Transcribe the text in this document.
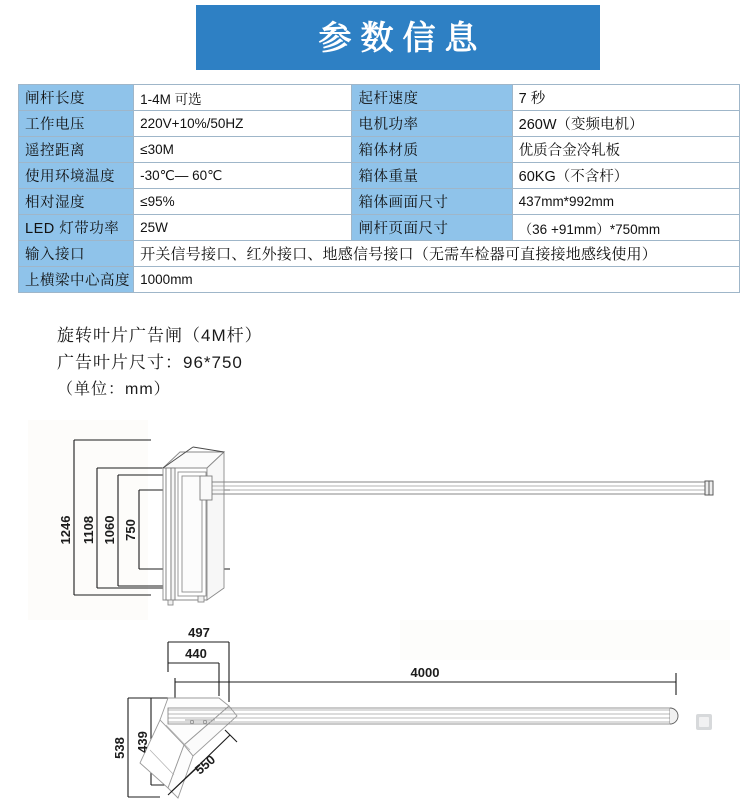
参数信息
闸杆长度	1-4M 可选	起杆速度	7 秒
工作电压	220V+10%/50HZ	电机功率	260W（变频电机）
遥控距离	≤30M	箱体材质	优质合金冷轧板
使用环境温度	-30℃— 60℃	箱体重量	60KG（不含杆）
相对湿度	≤95%	箱体画面尺寸	437mm*992mm
LED 灯带功率	25W	闸杆页面尺寸	（36 +91mm）*750mm
输入接口	开关信号接口、红外接口、地感信号接口（无需车检器可直接接地感线使用）		
上横梁中心高度	1000mm		
旋转叶片广告闸（4M杆）
广告叶片尺寸：96*750
（单位：mm）
1246 1108 1060 750
497
440
4000
538 439
550
